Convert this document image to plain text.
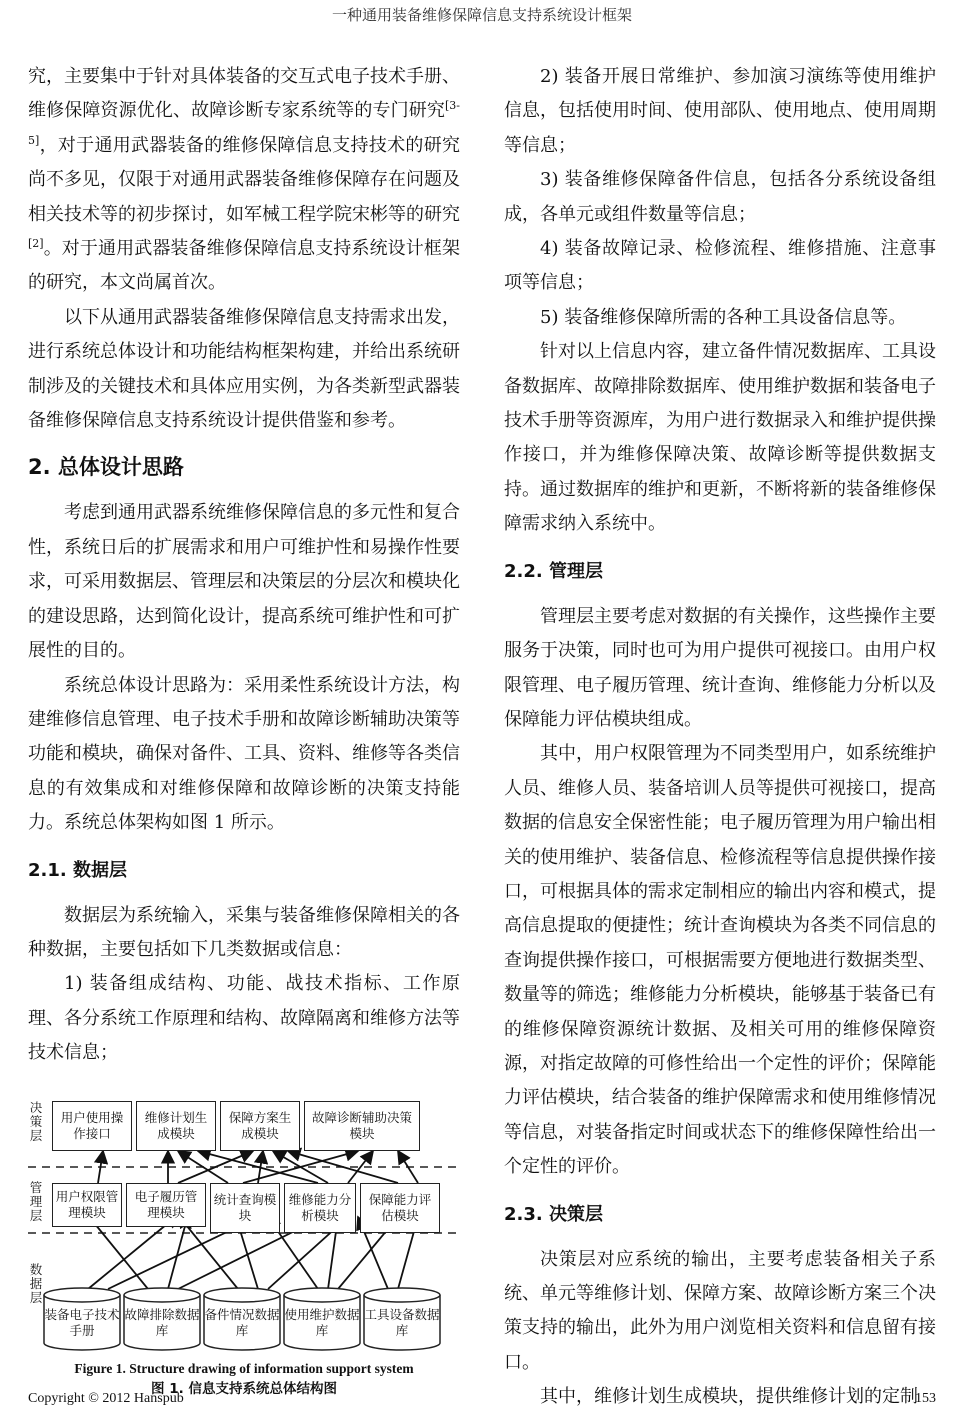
一种通用装备维修保障信息支持系统设计框架

究，主要集中于针对具体装备的交互式电子技术手册、维修保障资源优化、故障诊断专家系统等的专门研究[3-5]，对于通用武器装备的维修保障信息支持技术的研究尚不多见，仅限于对通用武器装备维修保障存在问题及相关技术等的初步探讨，如军械工程学院宋彬等的研究[2]。对于通用武器装备维修保障信息支持系统设计框架的研究，本文尚属首次。

以下从通用武器装备维修保障信息支持需求出发，进行系统总体设计和功能结构框架构建，并给出系统研制涉及的关键技术和具体应用实例，为各类新型武器装备维修保障信息支持系统设计提供借鉴和参考。

2. 总体设计思路

考虑到通用武器系统维修保障信息的多元性和复合性，系统日后的扩展需求和用户可维护性和易操作性要求，可采用数据层、管理层和决策层的分层次和模块化的建设思路，达到简化设计，提高系统可维护性和可扩展性的目的。

系统总体设计思路为：采用柔性系统设计方法，构建维修信息管理、电子技术手册和故障诊断辅助决策等功能和模块，确保对备件、工具、资料、维修等各类信息的有效集成和对维修保障和故障诊断的决策支持能力。系统总体架构如图 1 所示。

2.1. 数据层

数据层为系统输入，采集与装备维修保障相关的各种数据，主要包括如下几类数据或信息：

1) 装备组成结构、功能、战技术指标、工作原理、各分系统工作原理和结构、故障隔离和维修方法等技术信息；

决策层
管理层
数据层
用户使用操作接口
维修计划生成模块
保障方案生成模块
故障诊断辅助决策模块
用户权限管理模块
电子履历管理模块
统计查询模块
维修能力分析模块
保障能力评估模块
装备电子技术手册
故障排除数据库
备件情况数据库
使用维护数据库
工具设备数据库
Figure 1. Structure drawing of information support system
图 1. 信息支持系统总体结构图

2) 装备开展日常维护、参加演习演练等使用维护信息，包括使用时间、使用部队、使用地点、使用周期等信息；

3) 装备维修保障备件信息，包括各分系统设备组成，各单元或组件数量等信息；

4) 装备故障记录、检修流程、维修措施、注意事项等信息；

5) 装备维修保障所需的各种工具设备信息等。

针对以上信息内容，建立备件情况数据库、工具设备数据库、故障排除数据库、使用维护数据和装备电子技术手册等资源库，为用户进行数据录入和维护提供操作接口，并为维修保障决策、故障诊断等提供数据支持。通过数据库的维护和更新，不断将新的装备维修保障需求纳入系统中。

2.2. 管理层

管理层主要考虑对数据的有关操作，这些操作主要服务于决策，同时也可为用户提供可视接口。由用户权限管理、电子履历管理、统计查询、维修能力分析以及保障能力评估模块组成。

其中，用户权限管理为不同类型用户，如系统维护人员、维修人员、装备培训人员等提供可视接口，提高数据的信息安全保密性能；电子履历管理为用户输出相关的使用维护、装备信息、检修流程等信息提供操作接口，可根据具体的需求定制相应的输出内容和模式，提高信息提取的便捷性；统计查询模块为各类不同信息的查询提供操作接口，可根据需要方便地进行数据类型、数量等的筛选；维修能力分析模块，能够基于装备已有的维修保障资源统计数据、及相关可用的维修保障资源，对指定故障的可修性给出一个定性的评价；保障能力评估模块，结合装备的维护保障需求和使用维修情况等信息，对装备指定时间或状态下的维修保障性给出一个定性的评价。

2.3. 决策层

决策层对应系统的输出，主要考虑装备相关子系统、单元等维修计划、保障方案、故障诊断方案三个决策支持的输出，此外为用户浏览相关资料和信息留有接口。

其中，维修计划生成模块，提供维修计划的定制

Copyright © 2012 Hanspub	153
